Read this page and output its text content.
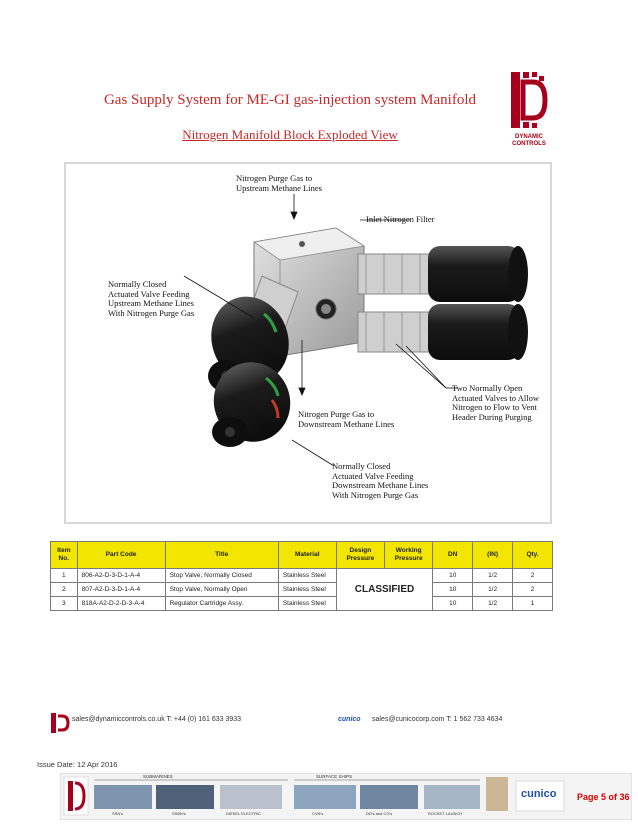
Gas Supply System for ME-GI gas-injection system Manifold
Nitrogen Manifold Block Exploded View	DYNAMIC
CONTROLS
Nitrogen Purge Gas to
Upstream Methane Lines
Inlet Nitrogen Filter
Normally Closed
Actuated Valve Feeding
Upstream Methane Lines
With Nitrogen Purge Gas
Two Normally Open
Actuated Valves to Allow
Nitrogen to Flow to Vent
Header During Purging
Nitrogen Purge Gas to
Downstream Methane Lines
Normally Closed
Actuated Valve Feeding
Downstream Methane Lines
With Nitrogen Purge Gas
Item No.	Part Code	Title	Material	Design Pressure	Working Pressure	DN	(IN)	Qty.
1	806-A2-D-3-D-1-A-4	Stop Valve, Normally Closed	Stainless Steel	CLASSIFIED		10	1/2	2
2	807-A2-D-3-D-1-A-4	Stop Valve, Normally Open	Stainless Steel			10	1/2	2
3	818A-A2-D-2-D-3-A-4	Regulator Cartridge Assy.	Stainless Steel			10	1/2	1
sales@dynamiccontrols.co.uk T: +44 (0) 161 633 3933	cunico sales@cunicocorp.com T: 1 562 733 4634
Issue Date: 12 Apr 2016
SUBMARINES	SURFACE SHIPS
SSN's	SSBN's	DIESEL ELECTRIC	CVN's	DD's and CG's	ROCKET LAUNCH
cunico Page 5 of 36
